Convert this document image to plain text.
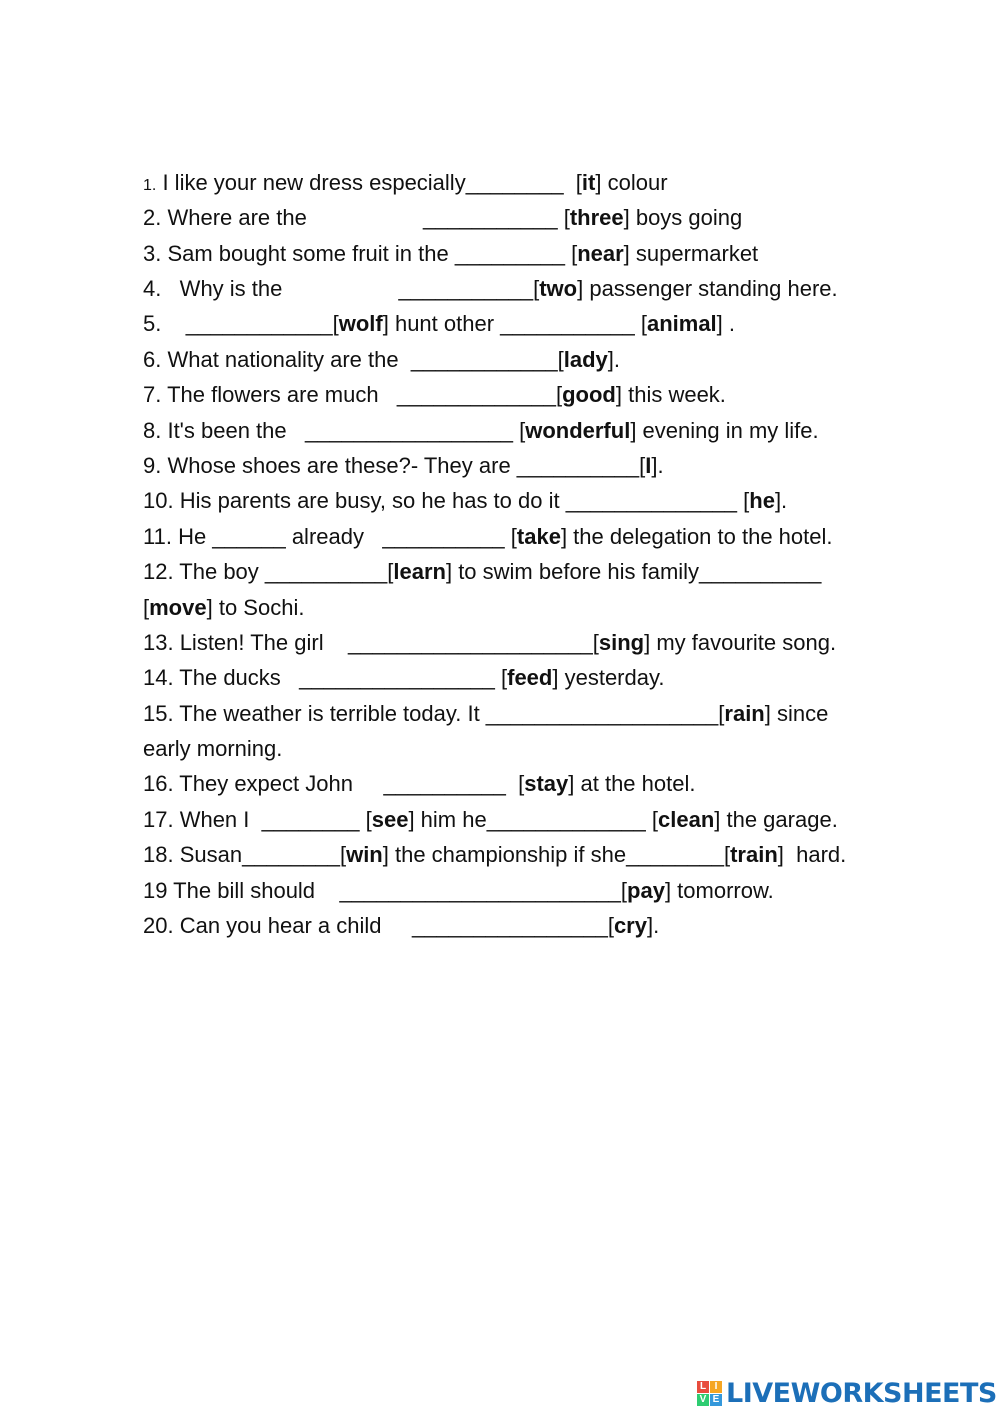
1. I like your new dress especially________  [it] colour
2. Where are the                   ___________ [three] boys going
3. Sam bought some fruit in the _________ [near] supermarket
4.   Why is the                   ___________[two] passenger standing here.
5.    ____________[wolf] hunt other ___________ [animal] .
6. What nationality are the  ____________[lady].
7. The flowers are much   _____________[good] this week.
8. It's been the   _________________ [wonderful] evening in my life.
9. Whose shoes are these?- They are __________[I].
10. His parents are busy, so he has to do it ______________ [he].
11. He ______ already   __________ [take] the delegation to the hotel.
12. The boy __________[learn] to swim before his family__________
[move] to Sochi.
13. Listen! The girl    ____________________[sing] my favourite song.
14. The ducks   ________________ [feed] yesterday.
15. The weather is terrible today. It ___________________[rain] since
early morning.
16. They expect John     __________  [stay] at the hotel.
17. When I  ________ [see] him he_____________ [clean] the garage.
18. Susan________[win] the championship if she________[train]  hard.
19 The bill should    _______________________[pay] tomorrow.
20. Can you hear a child     ________________[cry].
L I
V E LIVEWORKSHEETS
